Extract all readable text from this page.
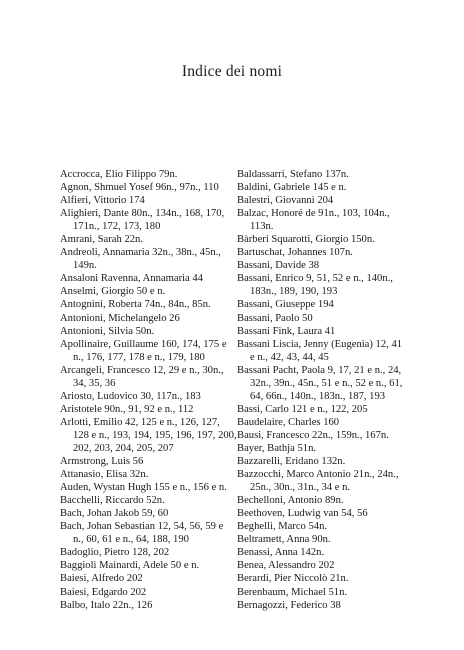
Indice dei nomi
Accrocca, Elio Filippo 79n.
Agnon, Shmuel Yosef 96n., 97n., 110
Alfieri, Vittorio 174
Alighieri, Dante 80n., 134n., 168, 170,
171n., 172, 173, 180
Amrani, Sarah 22n.
Andreoli, Annamaria 32n., 38n., 45n.,
149n.
Ansaloni Ravenna, Annamaria 44
Anselmi, Giorgio 50 e n.
Antognini, Roberta 74n., 84n., 85n.
Antonioni, Michelangelo 26
Antonioni, Silvia 50n.
Apollinaire, Guillaume 160, 174, 175 e
n., 176, 177, 178 e n., 179, 180
Arcangeli, Francesco 12, 29 e n., 30n.,
34, 35, 36
Ariosto, Ludovico 30, 117n., 183
Aristotele 90n., 91, 92 e n., 112
Arlotti, Emilio 42, 125 e n., 126, 127,
128 e n., 193, 194, 195, 196, 197, 200,
202, 203, 204, 205, 207
Armstrong, Luis 56
Attanasio, Elisa 32n.
Auden, Wystan Hugh 155 e n., 156 e n.
Bacchelli, Riccardo 52n.
Bach, Johan Jakob 59, 60
Bach, Johan Sebastian 12, 54, 56, 59 e
n., 60, 61 e n., 64, 188, 190
Badoglio, Pietro 128, 202
Baggioli Mainardi, Adele 50 e n.
Baiesi, Alfredo 202
Baiesi, Edgardo 202
Balbo, Italo 22n., 126
Baldassarri, Stefano 137n.
Baldini, Gabriele 145 e n.
Balestri, Giovanni 204
Balzac, Honoré de 91n., 103, 104n.,
113n.
Bàrberi Squarotti, Giorgio 150n.
Bartuschat, Johannes 107n.
Bassani, Davide 38
Bassani, Enrico 9, 51, 52 e n., 140n.,
183n., 189, 190, 193
Bassani, Giuseppe 194
Bassani, Paolo 50
Bassani Fink, Laura 41
Bassani Liscia, Jenny (Eugenia) 12, 41
e n., 42, 43, 44, 45
Bassani Pacht, Paola 9, 17, 21 e n., 24,
32n., 39n., 45n., 51 e n., 52 e n., 61,
64, 66n., 140n., 183n., 187, 193
Bassi, Carlo 121 e n., 122, 205
Baudelaire, Charles 160
Bausi, Francesco 22n., 159n., 167n.
Bayer, Bathja 51n.
Bazzarelli, Eridano 132n.
Bazzocchi, Marco Antonio 21n., 24n.,
25n., 30n., 31n., 34 e n.
Bechelloni, Antonio 89n.
Beethoven, Ludwig van 54, 56
Beghelli, Marco 54n.
Beltramett, Anna 90n.
Benassi, Anna 142n.
Benea, Alessandro 202
Berardi, Pier Niccolò 21n.
Berenbaum, Michael 51n.
Bernagozzi, Federico 38
